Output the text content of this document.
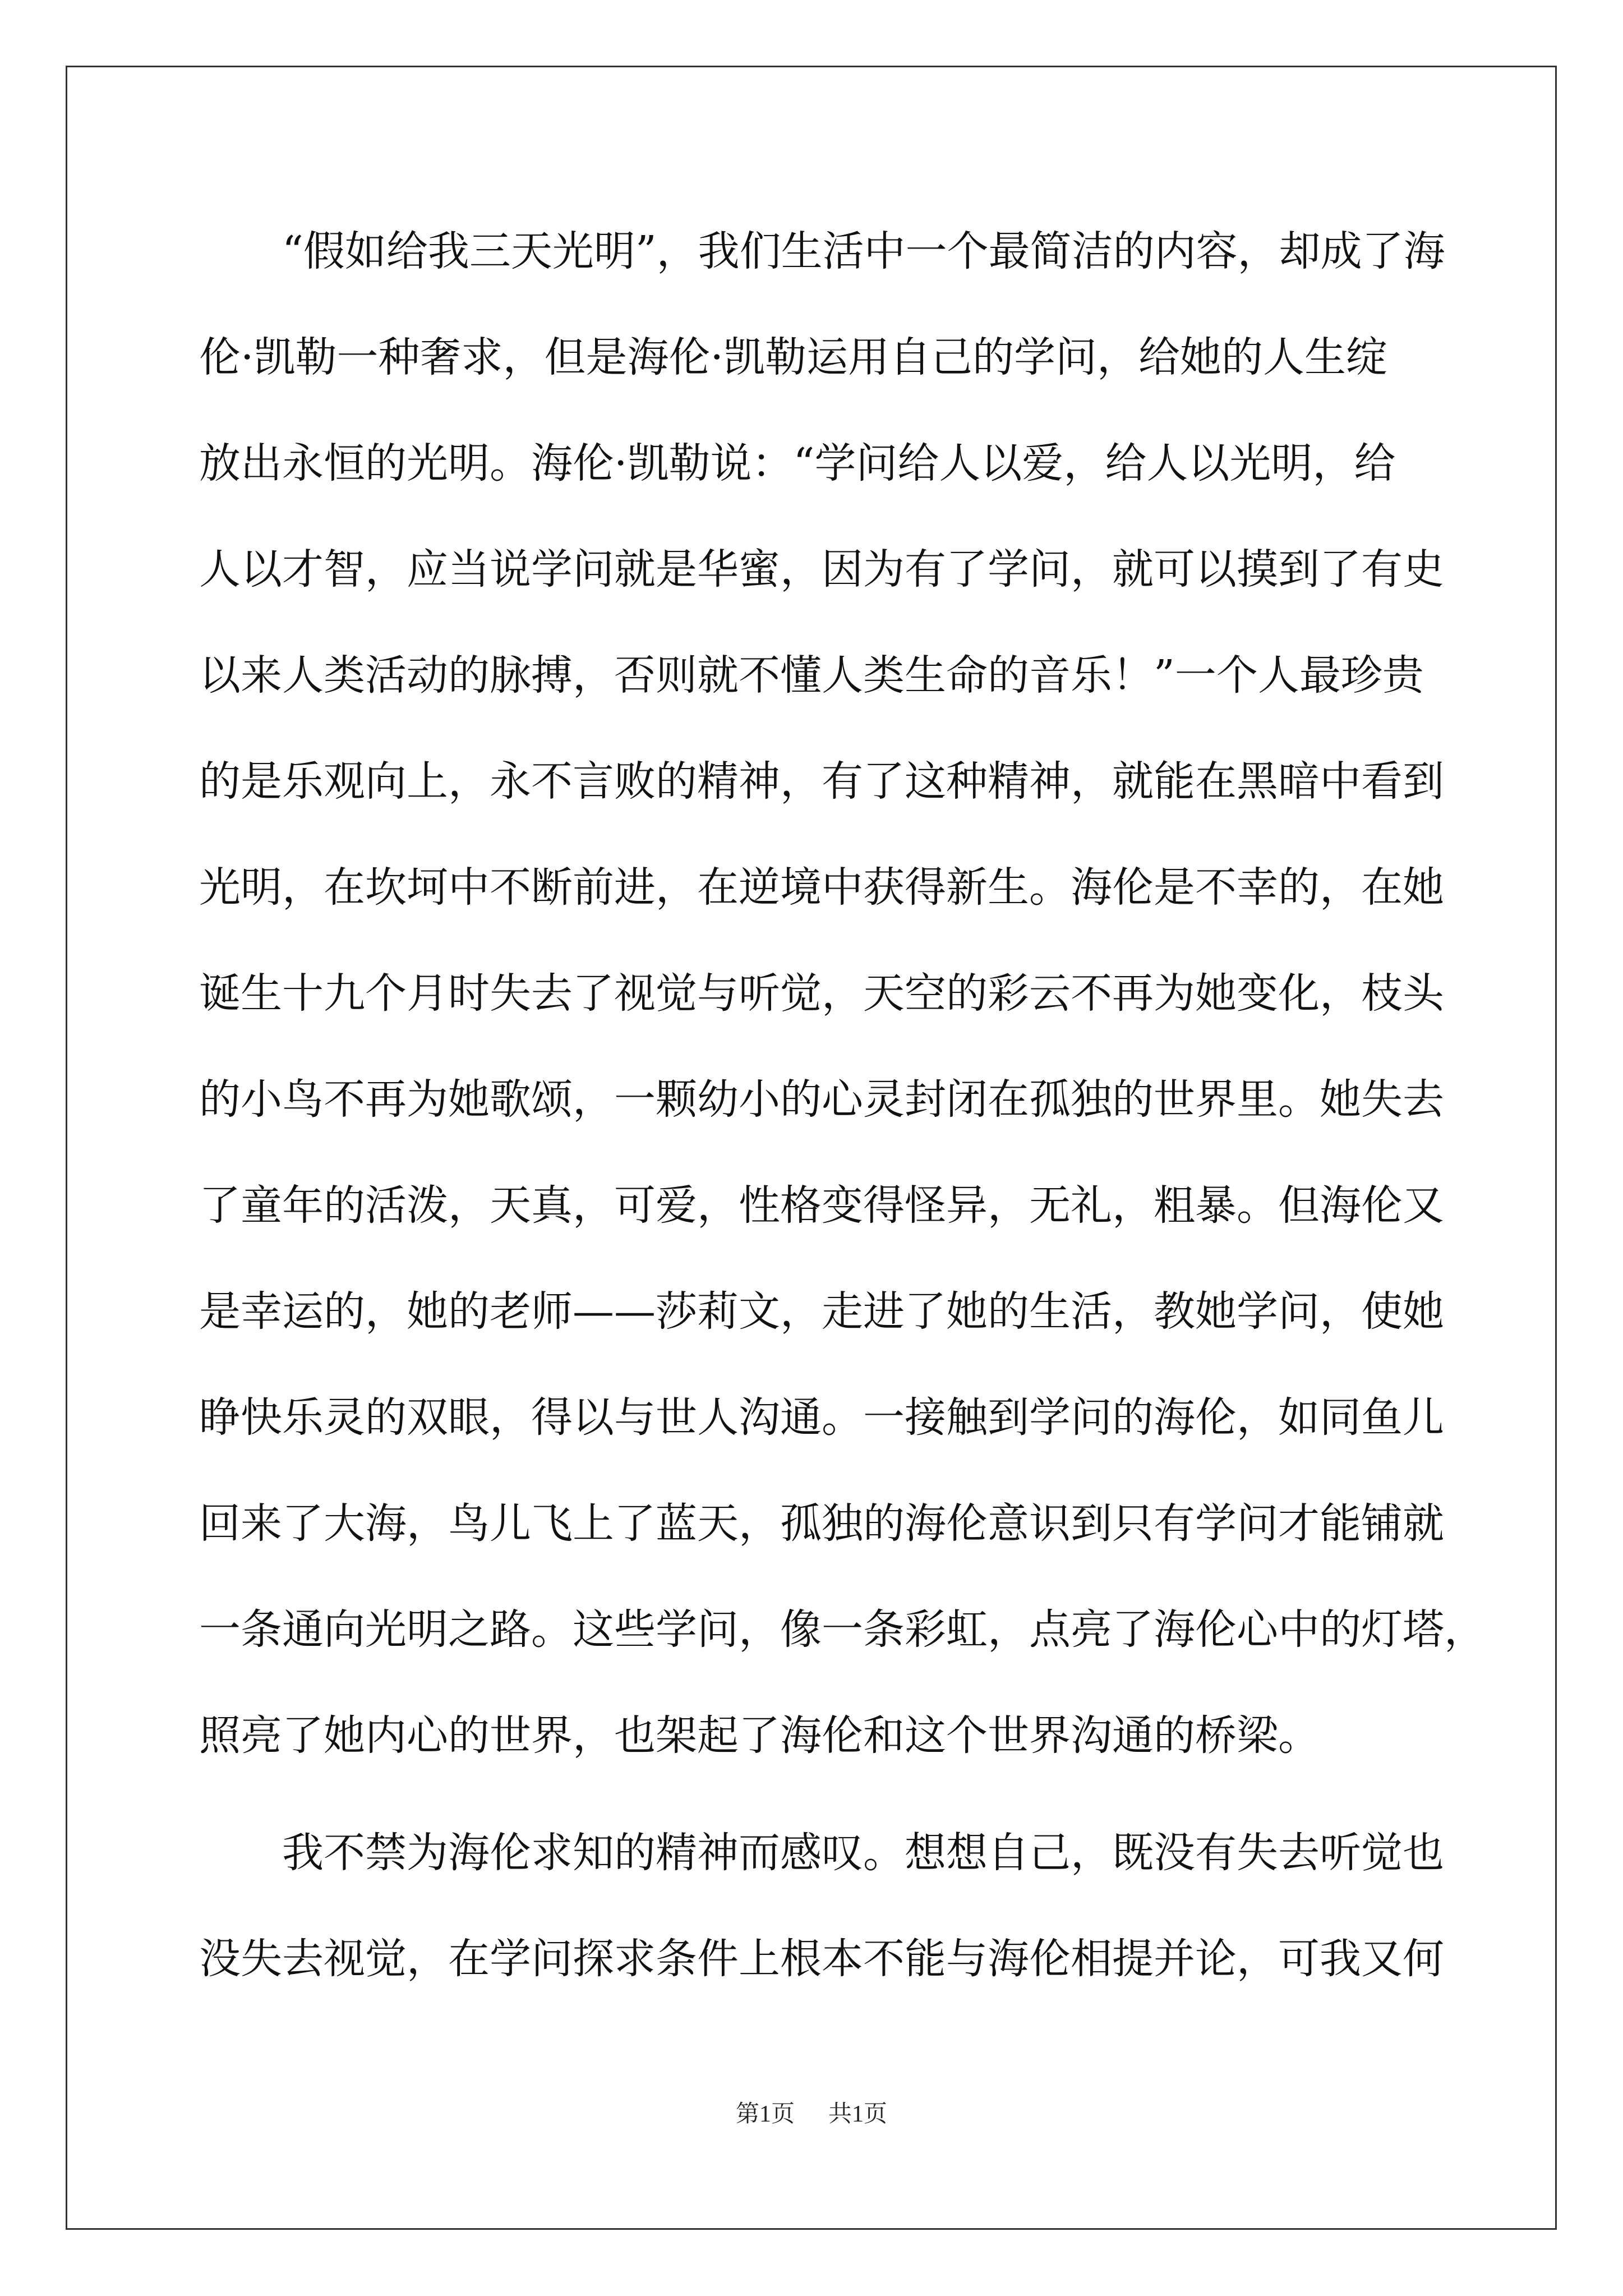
　　“假如给我三天光明”，我们生活中一个最简洁的内容，却成了海
伦·凯勒一种奢求，但是海伦·凯勒运用自己的学问，给她的人生绽
放出永恒的光明。海伦·凯勒说：“学问给人以爱，给人以光明，给
人以才智，应当说学问就是华蜜，因为有了学问，就可以摸到了有史
以来人类活动的脉搏，否则就不懂人类生命的音乐！”一个人最珍贵
的是乐观向上，永不言败的精神，有了这种精神，就能在黑暗中看到
光明，在坎坷中不断前进，在逆境中获得新生。海伦是不幸的，在她
诞生十九个月时失去了视觉与听觉，天空的彩云不再为她变化，枝头
的小鸟不再为她歌颂，一颗幼小的心灵封闭在孤独的世界里。她失去
了童年的活泼，天真，可爱，性格变得怪异，无礼，粗暴。但海伦又
是幸运的，她的老师——莎莉文，走进了她的生活，教她学问，使她
睁快乐灵的双眼，得以与世人沟通。一接触到学问的海伦，如同鱼儿
回来了大海，鸟儿飞上了蓝天，孤独的海伦意识到只有学问才能铺就
一条通向光明之路。这些学问，像一条彩虹，点亮了海伦心中的灯塔，
照亮了她内心的世界，也架起了海伦和这个世界沟通的桥梁。
　　我不禁为海伦求知的精神而感叹。想想自己，既没有失去听觉也
没失去视觉，在学问探求条件上根本不能与海伦相提并论，可我又何
第1页 共1页
